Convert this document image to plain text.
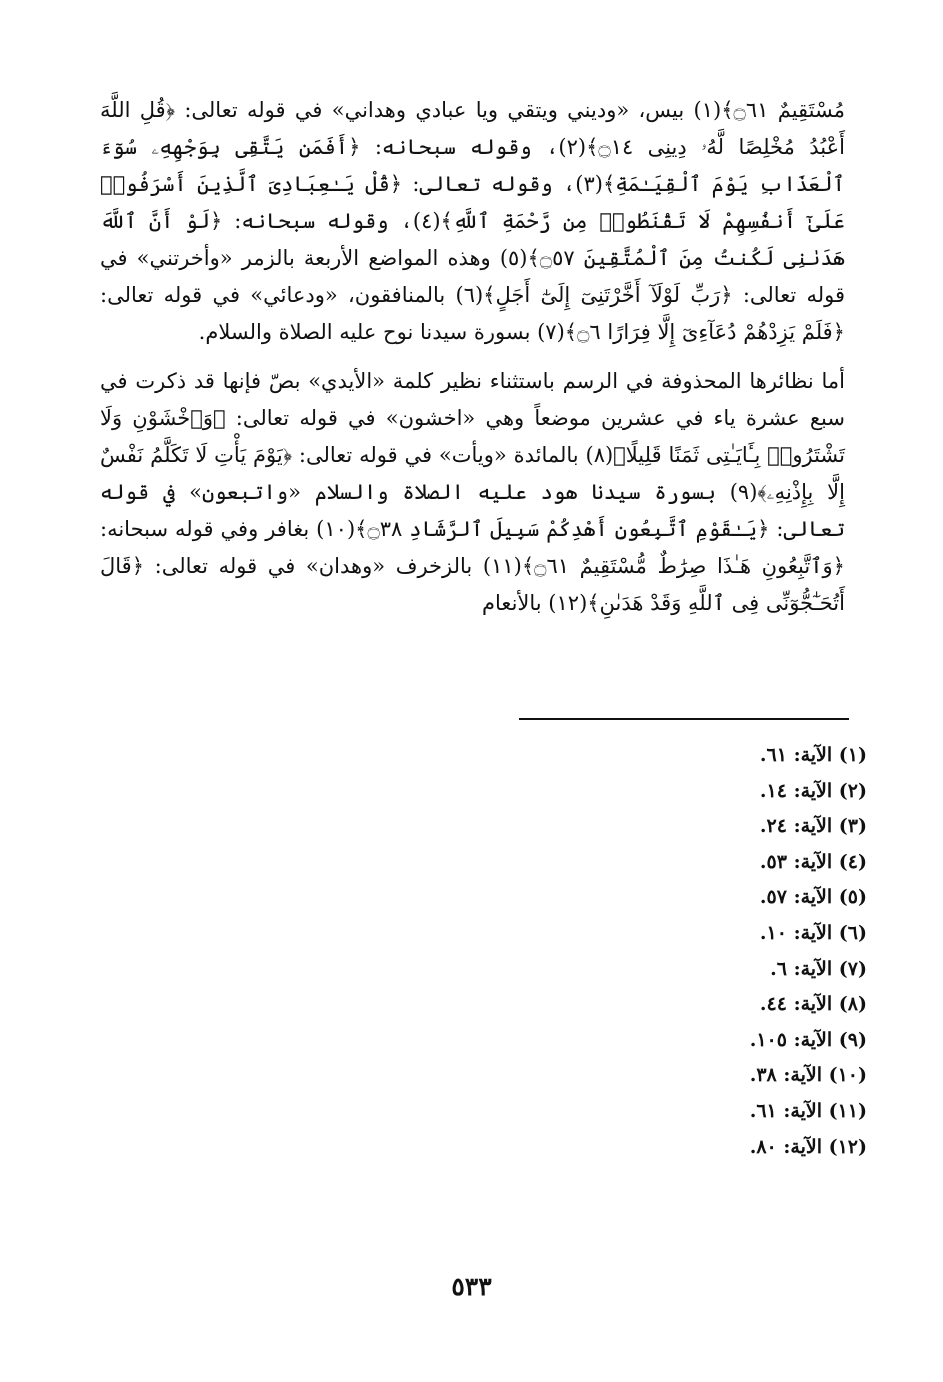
مُسْتَقِيمٌ ۝٦١﴾(١) بيس، «وديني ويتقي ويا عبادي وهداني» في قوله تعالى: ﴿قُلِ اللَّهَ أَعْبُدُ مُخْلِصًا لَّهُۥ دِينِى ۝١٤﴾(٢)، وقوله سبحانه: ﴿أَفَمَن يَتَّقِى بِوَجْهِهِۦ سُوٓءَ ٱلْعَذَابِ يَوْمَ ٱلْقِيَـٰمَةِ﴾(٣)، وقوله تعالى: ﴿قُلْ يَـٰعِبَادِىَ ٱلَّذِينَ أَسْرَفُوا۟ عَلَىٰٓ أَنفُسِهِمْ لَا تَقْنَطُوا۟ مِن رَّحْمَةِ ٱللَّهِ﴾(٤)، وقوله سبحانه: ﴿لَوْ أَنَّ ٱللَّهَ هَدَىٰنِى لَكُنتُ مِنَ ٱلْمُتَّقِينَ ۝٥٧﴾(٥) وهذه المواضع الأربعة بالزمر «وأخرتني» في قوله تعالى: ﴿رَبِّ لَوْلَآ أَخَّرْتَنِىٓ إِلَىٰٓ أَجَلٍ﴾(٦) بالمنافقون، «ودعائي» في قوله تعالى: ﴿فَلَمْ يَزِدْهُمْ دُعَآءِىٓ إِلَّا فِرَارًا ۝٦﴾(٧) بسورة سيدنا نوح عليه الصلاة والسلام.

أما نظائرها المحذوفة في الرسم باستثناء نظير كلمة «الأيدي» بصّ فإنها قد ذكرت في سبع عشرة ياء في عشرين موضعاً وهي «اخشون» في قوله تعالى: ﴿وَٱخْشَوْنِ وَلَا تَشْتَرُوا۟ بِـَٔايَـٰتِى ثَمَنًا قَلِيلًا﴾(٨) بالمائدة «ويأت» في قوله تعالى: ﴿يَوْمَ يَأْتِ لَا تَكَلَّمُ نَفْسٌ إِلَّا بِإِذْنِهِۦ﴾(٩) بسورة سيدنا هود عليه الصلاة والسلام «واتبعون» في قوله تعالى: ﴿يَـٰقَوْمِ ٱتَّبِعُونِ أَهْدِكُمْ سَبِيلَ ٱلرَّشَادِ ۝٣٨﴾(١٠) بغافر وفي قوله سبحانه: ﴿وَٱتَّبِعُونِ هَـٰذَا صِرَٰطٌ مُّسْتَقِيمٌ ۝٦١﴾(١١) بالزخرف «وهدان» في قوله تعالى: ﴿قَالَ أَتُحَـٰٓجُّوٓنِّى فِى ٱللَّهِ وَقَدْ هَدَىٰنِ﴾(١٢) بالأنعام

(١) الآية: ٦١.
(٢) الآية: ١٤.
(٣) الآية: ٢٤.
(٤) الآية: ٥٣.
(٥) الآية: ٥٧.
(٦) الآية: ١٠.
(٧) الآية: ٦.
(٨) الآية: ٤٤.
(٩) الآية: ١٠٥.
(١٠) الآية: ٣٨.
(١١) الآية: ٦١.
(١٢) الآية: ٨٠.
٥٣٣
